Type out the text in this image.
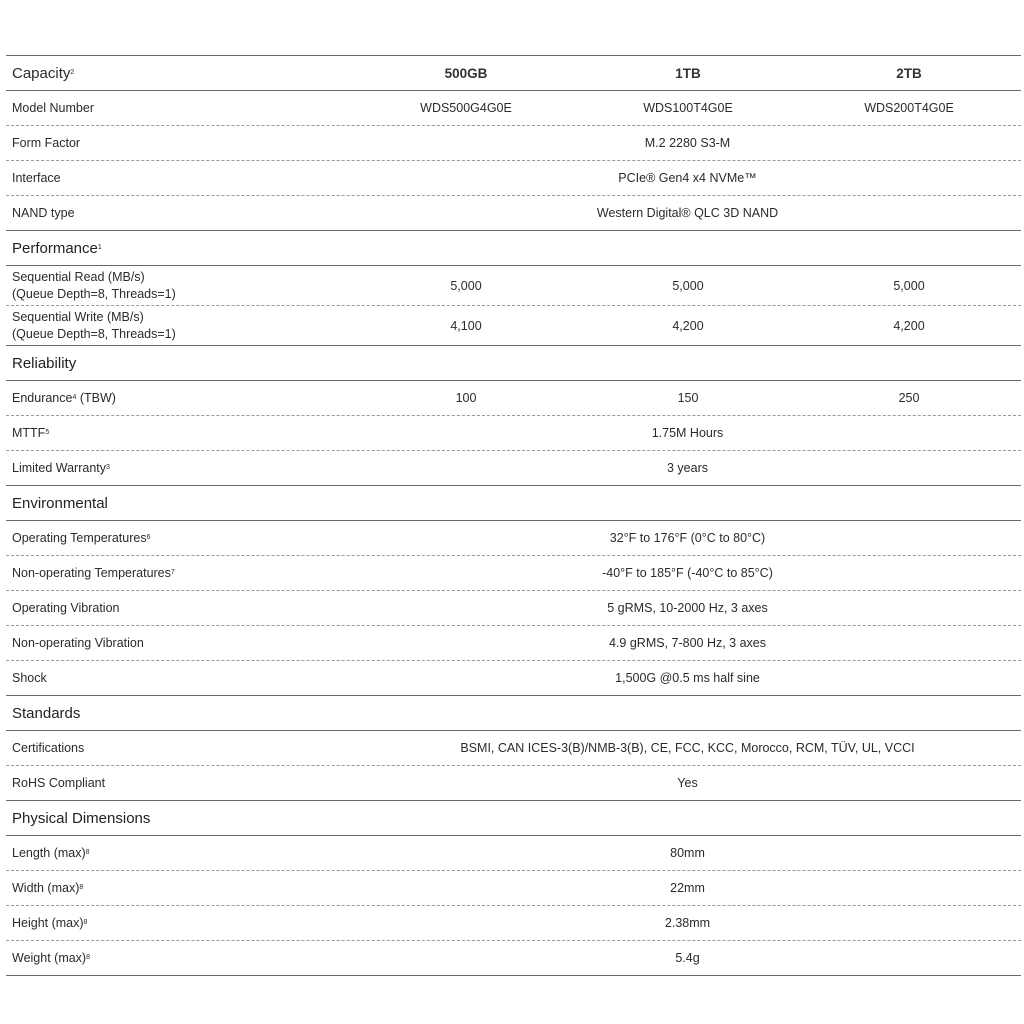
Capacity 2	500GB	1TB	2TB
Model Number	WDS500G4G0E	WDS100T4G0E	WDS200T4G0E
Form Factor	M.2 2280 S3-M
Interface	PCIe® Gen4 x4 NVMe™
NAND type	Western Digital® QLC 3D NAND
Performance 1
Sequential Read (MB/s)
(Queue Depth=8, Threads=1)
5,000	5,000	5,000
Sequential Write (MB/s)
(Queue Depth=8, Threads=1)
4,100	4,200	4,200
Reliability
Endurance 4 (TBW)	100	150	250
MTTF 5	1.75M Hours
Limited Warranty 3	3 years
Environmental
Operating Temperatures 6	32°F to 176°F (0°C to 80°C)
Non-operating Temperatures 7	-40°F to 185°F (-40°C to 85°C)
Operating Vibration	5 gRMS, 10-2000 Hz, 3 axes
Non-operating Vibration	4.9 gRMS, 7-800 Hz, 3 axes
Shock	1,500G @0.5 ms half sine
Standards
Certifications	BSMI, CAN ICES-3(B)/NMB-3(B), CE, FCC, KCC, Morocco, RCM, TÜV, UL, VCCI
RoHS Compliant	Yes
Physical Dimensions
Length (max) 8	80mm
Width (max) 8	22mm
Height (max) 8	2.38mm
Weight (max) 8	5.4g
